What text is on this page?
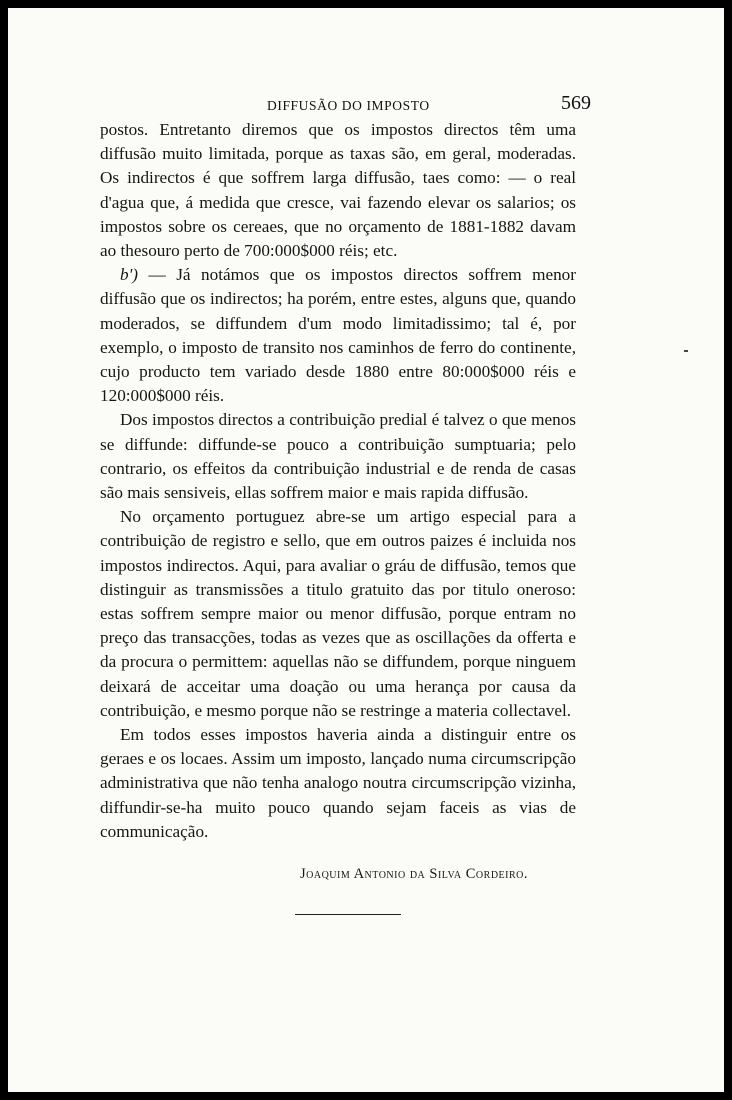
DIFFUSÃO DO IMPOSTO	569

postos. Entretanto diremos que os impostos directos têm uma diffusão muito limitada, porque as taxas são, em geral, moderadas. Os indirectos é que soffrem larga diffusão, taes como: — o real d'agua que, á medida que cresce, vai fazendo elevar os salarios; os impostos sobre os cereaes, que no orçamento de 1881-1882 davam ao thesouro perto de 700:000$000 réis; etc.

b') — Já notámos que os impostos directos soffrem menor diffusão que os indirectos; ha porém, entre estes, alguns que, quando moderados, se diffundem d'um modo limitadissimo; tal é, por exemplo, o imposto de transito nos caminhos de ferro do continente, cujo producto tem variado desde 1880 entre 80:000$000 réis e 120:000$000 réis.

Dos impostos directos a contribuição predial é talvez o que menos se diffunde: diffunde-se pouco a contribuição sumptuaria; pelo contrario, os effeitos da contribuição industrial e de renda de casas são mais sensiveis, ellas soffrem maior e mais rapida diffusão.

No orçamento portuguez abre-se um artigo especial para a contribuição de registro e sello, que em outros paizes é incluida nos impostos indirectos. Aqui, para avaliar o gráu de diffusão, temos que distinguir as transmissões a titulo gratuito das por titulo oneroso: estas soffrem sempre maior ou menor diffusão, porque entram no preço das transacções, todas as vezes que as oscillações da offerta e da procura o permittem: aquellas não se diffundem, porque ninguem deixará de acceitar uma doação ou uma herança por causa da contribuição, e mesmo porque não se restringe a materia collectavel.

Em todos esses impostos haveria ainda a distinguir entre os geraes e os locaes. Assim um imposto, lançado numa circumscripção administrativa que não tenha analogo noutra circumscripção vizinha, diffundir-se-ha muito pouco quando sejam faceis as vias de communicação.

Joaquim Antonio da Silva Cordeiro.
